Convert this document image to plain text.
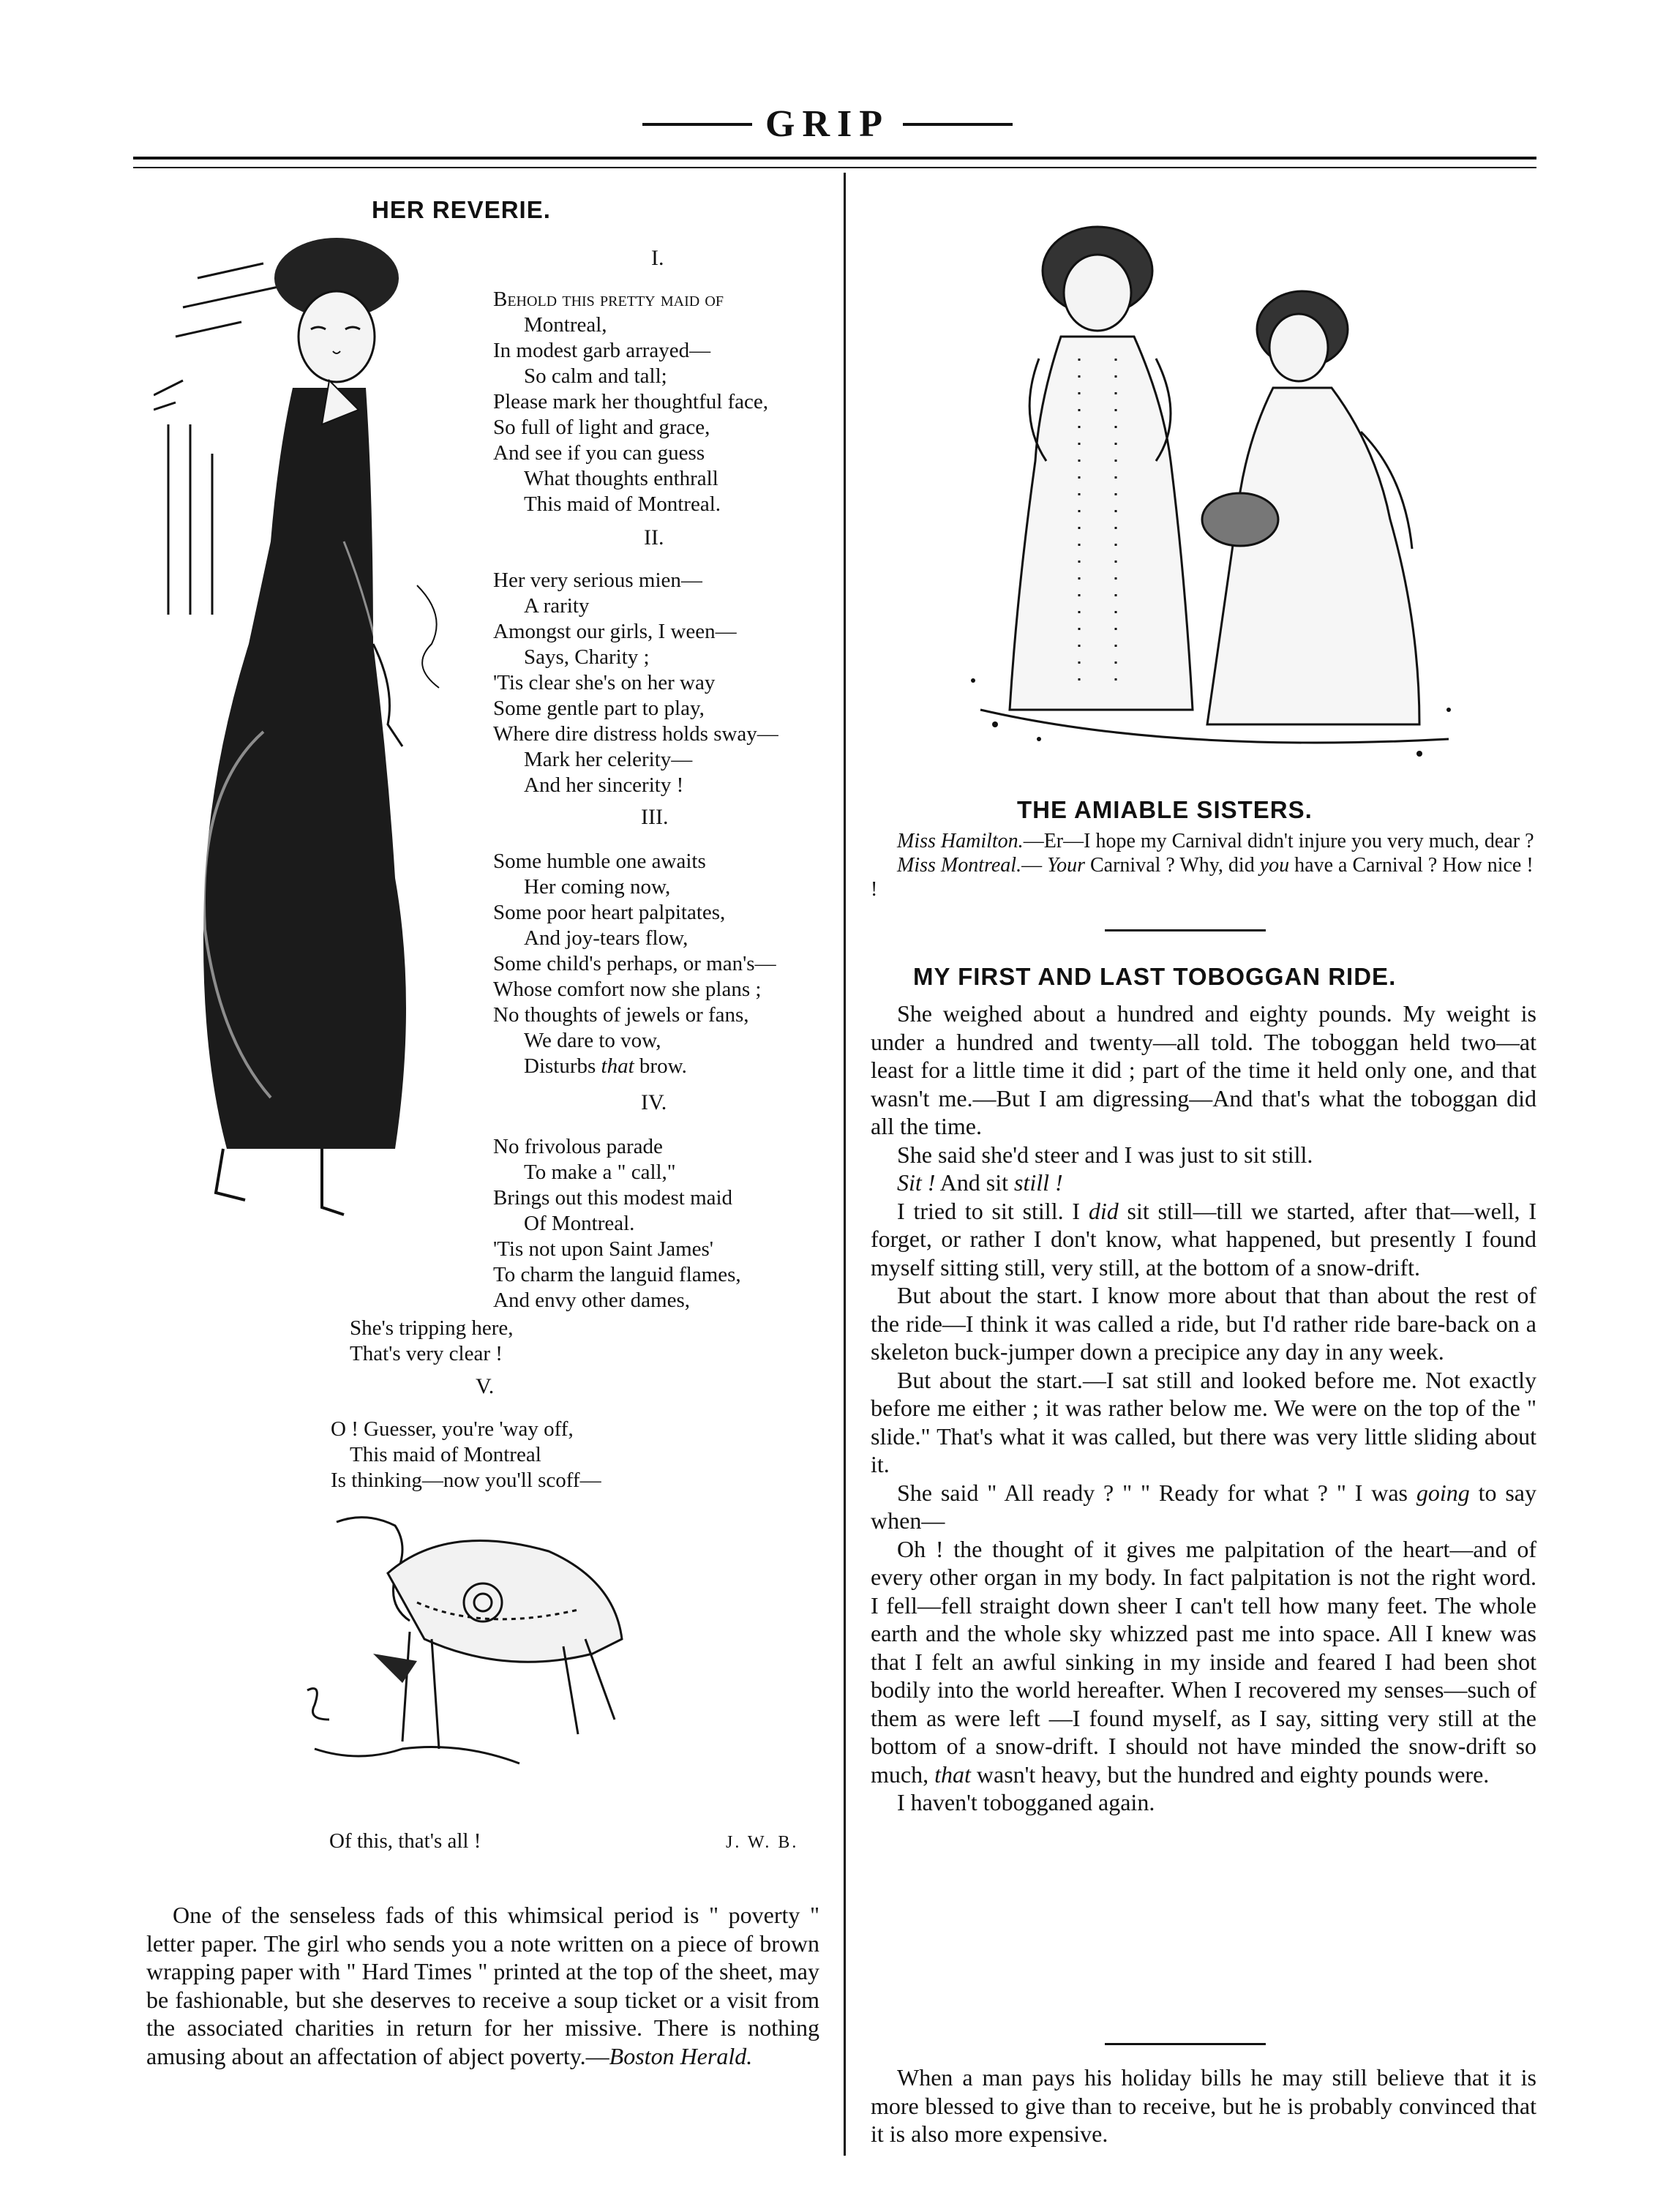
GRIP
HER REVERIE.
I.
Behold this pretty maid of
Montreal,
In modest garb arrayed—
So calm and tall;
Please mark her thoughtful face,
So full of light and grace,
And see if you can guess
What thoughts enthrall
This maid of Montreal.
II.
Her very serious mien—
A rarity
Amongst our girls, I ween—
Says, Charity ;
'Tis clear she's on her way
Some gentle part to play,
Where dire distress holds sway—
Mark her celerity—
And her sincerity !
III.
Some humble one awaits
Her coming now,
Some poor heart palpitates,
And joy-tears flow,
Some child's perhaps, or man's—
Whose comfort now she plans ;
No thoughts of jewels or fans,
We dare to vow,
Disturbs that brow.
IV.
No frivolous parade
To make a " call,"
Brings out this modest maid
Of Montreal.
'Tis not upon Saint James'
To charm the languid flames,
And envy other dames,
She's tripping here,
That's very clear !
V.
O ! Guesser, you're 'way off,
This maid of Montreal
Is thinking—now you'll scoff—
Of this, that's all !	J. W. B.

One of the senseless fads of this whimsical period is " poverty " letter paper. The girl who sends you a note written on a piece of brown wrapping paper with " Hard Times " printed at the top of the sheet, may be fashionable, but she deserves to receive a soup ticket or a visit from the associated charities in return for her missive. There is nothing amusing about an affectation of abject poverty.—Boston Herald.

THE AMIABLE SISTERS.
Miss Hamilton.—Er—I hope my Carnival didn't injure you very much, dear ?
Miss Montreal.— Your Carnival ? Why, did you have a Carnival ? How nice ! !
MY FIRST AND LAST TOBOGGAN RIDE.

She weighed about a hundred and eighty pounds. My weight is under a hundred and twenty—all told. The toboggan held two—at least for a little time it did ; part of the time it held only one, and that wasn't me.—But I am digressing—And that's what the toboggan did all the time.

She said she'd steer and I was just to sit still.

Sit ! And sit still !

I tried to sit still. I did sit still—till we started, after that—well, I forget, or rather I don't know, what happened, but presently I found myself sitting still, very still, at the bottom of a snow-drift.

But about the start. I know more about that than about the rest of the ride—I think it was called a ride, but I'd rather ride bare-back on a skeleton buck-jumper down a precipice any day in any week.

But about the start.—I sat still and looked before me. Not exactly before me either ; it was rather below me. We were on the top of the " slide." That's what it was called, but there was very little sliding about it.

She said " All ready ? " " Ready for what ? " I was going to say when—

Oh ! the thought of it gives me palpitation of the heart—and of every other organ in my body. In fact palpitation is not the right word. I fell—fell straight down sheer I can't tell how many feet. The whole earth and the whole sky whizzed past me into space. All I knew was that I felt an awful sinking in my inside and feared I had been shot bodily into the world hereafter. When I recovered my senses—such of them as were left —I found myself, as I say, sitting very still at the bottom of a snow-drift. I should not have minded the snow-drift so much, that wasn't heavy, but the hundred and eighty pounds were.

I haven't tobogganed again.

When a man pays his holiday bills he may still believe that it is more blessed to give than to receive, but he is probably convinced that it is also more expensive.
